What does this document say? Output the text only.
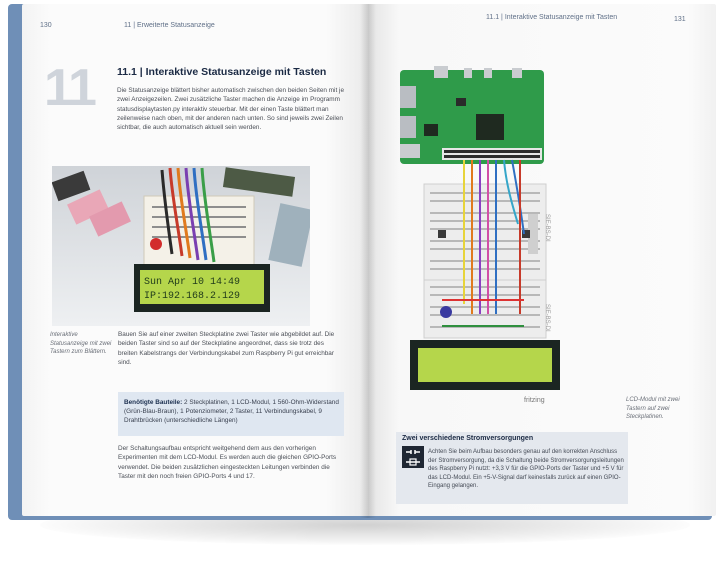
130	11 | Erweiterte Statusanzeige
11 11.1 | Interaktive Statusanzeige mit Tasten
Die Statusanzeige blättert bisher automatisch zwischen den beiden Seiten mit je zwei Anzeigezeilen. Zwei zusätzliche Taster machen die Anzeige im Programm statusdisplaytasten.py interaktiv steuerbar. Mit der einen Taste blättert man zeilenweise nach oben, mit der anderen nach unten. So sind jeweils zwei Zeilen sichtbar, die auch automatisch aktuell sein werden.
Sun Apr 10 14:49
IP:192.168.2.129
Interaktive Statusanzeige mit zwei Tastern zum Blättern.
Bauen Sie auf einer zweiten Steckplatine zwei Taster wie abgebildet auf. Die beiden Taster sind so auf der Steckplatine angeordnet, dass sie trotz des breiten Kabelstrangs der Verbindungskabel zum Raspberry Pi gut erreichbar sind.
Benötigte Bauteile: 2 Steckplatinen, 1 LCD-Modul, 1 560-Ohm-Widerstand (Grün-Blau-Braun), 1 Potenziometer, 2 Taster, 11 Verbindungskabel, 9 Drahtbrücken (unterschiedliche Längen)
Der Schaltungsaufbau entspricht weitgehend dem aus den vorherigen Experimenten mit dem LCD-Modul. Es werden auch die gleichen GPIO-Ports verwendet. Die beiden zusätzlichen eingesteckten Leitungen verbinden die Taster mit den noch freien GPIO-Ports 4 und 17.
11.1 | Interaktive Statusanzeige mit Tasten	131
SIE-BS-DI
SIE-BS-DI
fritzing	LCD-Modul mit zwei Tastern auf zwei Steckplatinen.
Zwei verschiedene Stromversorgungen
Achten Sie beim Aufbau besonders genau auf den korrekten Anschluss der Stromversorgung, da die Schaltung beide Stromversorgungsleitungen des Raspberry Pi nutzt: +3,3 V für die GPIO-Ports der Taster und +5 V für das LCD-Modul. Ein +5-V-Signal darf keinesfalls zurück auf einen GPIO-Eingang gelangen.
